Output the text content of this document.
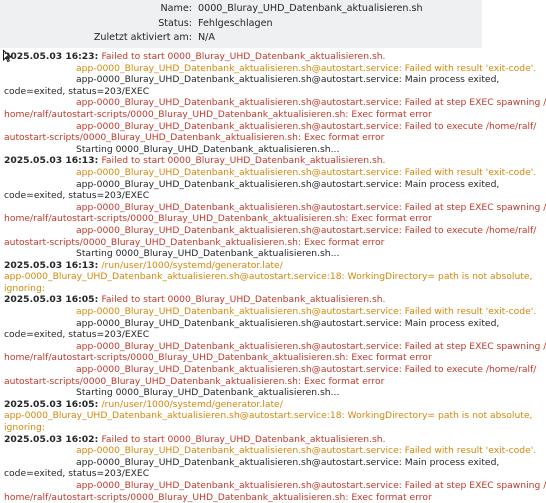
Name: 0000_Bluray_UHD_Datenbank_aktualisieren.sh
Status: Fehlgeschlagen
Zuletzt aktiviert am: N/A
2025.05.03 16:23: Failed to start 0000_Bluray_UHD_Datenbank_aktualisieren.sh.
app-0000_Bluray_UHD_Datenbank_aktualisieren.sh@autostart.service: Failed with result 'exit-code'.
app-0000_Bluray_UHD_Datenbank_aktualisieren.sh@autostart.service: Main process exited,
code=exited, status=203/EXEC
app-0000_Bluray_UHD_Datenbank_aktualisieren.sh@autostart.service: Failed at step EXEC spawning /
home/ralf/autostart-scripts/0000_Bluray_UHD_Datenbank_aktualisieren.sh: Exec format error
app-0000_Bluray_UHD_Datenbank_aktualisieren.sh@autostart.service: Failed to execute /home/ralf/
autostart-scripts/0000_Bluray_UHD_Datenbank_aktualisieren.sh: Exec format error
Starting 0000_Bluray_UHD_Datenbank_aktualisieren.sh...
2025.05.03 16:13: Failed to start 0000_Bluray_UHD_Datenbank_aktualisieren.sh.
app-0000_Bluray_UHD_Datenbank_aktualisieren.sh@autostart.service: Failed with result 'exit-code'.
app-0000_Bluray_UHD_Datenbank_aktualisieren.sh@autostart.service: Main process exited,
code=exited, status=203/EXEC
app-0000_Bluray_UHD_Datenbank_aktualisieren.sh@autostart.service: Failed at step EXEC spawning /
home/ralf/autostart-scripts/0000_Bluray_UHD_Datenbank_aktualisieren.sh: Exec format error
app-0000_Bluray_UHD_Datenbank_aktualisieren.sh@autostart.service: Failed to execute /home/ralf/
autostart-scripts/0000_Bluray_UHD_Datenbank_aktualisieren.sh: Exec format error
Starting 0000_Bluray_UHD_Datenbank_aktualisieren.sh...
2025.05.03 16:13: /run/user/1000/systemd/generator.late/
app-0000_Bluray_UHD_Datenbank_aktualisieren.sh@autostart.service:18: WorkingDirectory= path is not absolute,
ignoring:
2025.05.03 16:05: Failed to start 0000_Bluray_UHD_Datenbank_aktualisieren.sh.
app-0000_Bluray_UHD_Datenbank_aktualisieren.sh@autostart.service: Failed with result 'exit-code'.
app-0000_Bluray_UHD_Datenbank_aktualisieren.sh@autostart.service: Main process exited,
code=exited, status=203/EXEC
app-0000_Bluray_UHD_Datenbank_aktualisieren.sh@autostart.service: Failed at step EXEC spawning /
home/ralf/autostart-scripts/0000_Bluray_UHD_Datenbank_aktualisieren.sh: Exec format error
app-0000_Bluray_UHD_Datenbank_aktualisieren.sh@autostart.service: Failed to execute /home/ralf/
autostart-scripts/0000_Bluray_UHD_Datenbank_aktualisieren.sh: Exec format error
Starting 0000_Bluray_UHD_Datenbank_aktualisieren.sh...
2025.05.03 16:05: /run/user/1000/systemd/generator.late/
app-0000_Bluray_UHD_Datenbank_aktualisieren.sh@autostart.service:18: WorkingDirectory= path is not absolute,
ignoring:
2025.05.03 16:02: Failed to start 0000_Bluray_UHD_Datenbank_aktualisieren.sh.
app-0000_Bluray_UHD_Datenbank_aktualisieren.sh@autostart.service: Failed with result 'exit-code'.
app-0000_Bluray_UHD_Datenbank_aktualisieren.sh@autostart.service: Main process exited,
code=exited, status=203/EXEC
app-0000_Bluray_UHD_Datenbank_aktualisieren.sh@autostart.service: Failed at step EXEC spawning /
home/ralf/autostart-scripts/0000_Bluray_UHD_Datenbank_aktualisieren.sh: Exec format error
